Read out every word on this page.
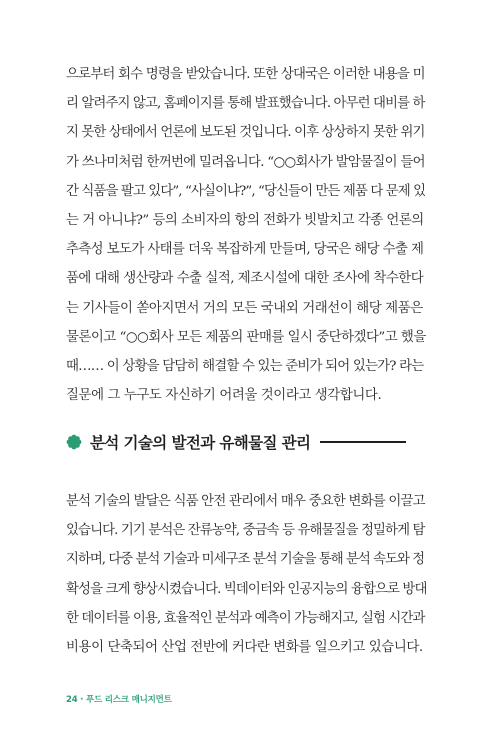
으로부터 회수 명령을 받았습니다. 또한 상대국은 이러한 내용을 미
리 알려주지 않고, 홈페이지를 통해 발표했습니다. 아무런 대비를 하
지 못한 상태에서 언론에 보도된 것입니다. 이후 상상하지 못한 위기
가 쓰나미처럼 한꺼번에 밀려옵니다. “○○회사가 발암물질이 들어
간 식품을 팔고 있다”, “사실이냐?”, “당신들이 만든 제품 다 문제 있
는 거 아니냐?” 등의 소비자의 항의 전화가 빗발치고 각종 언론의
추측성 보도가 사태를 더욱 복잡하게 만들며, 당국은 해당 수출 제
품에 대해 생산량과 수출 실적, 제조시설에 대한 조사에 착수한다
는 기사들이 쏟아지면서 거의 모든 국내외 거래선이 해당 제품은
물론이고 “○○회사 모든 제품의 판매를 일시 중단하겠다”고 했을
때…… 이 상황을 담담히 해결할 수 있는 준비가 되어 있는가? 라는
질문에 그 누구도 자신하기 어려울 것이라고 생각합니다.
분석 기술의 발전과 유해물질 관리
분석 기술의 발달은 식품 안전 관리에서 매우 중요한 변화를 이끌고
있습니다. 기기 분석은 잔류농약, 중금속 등 유해물질을 정밀하게 탐
지하며, 다중 분석 기술과 미세구조 분석 기술을 통해 분석 속도와 정
확성을 크게 향상시켰습니다. 빅데이터와 인공지능의 융합으로 방대
한 데이터를 이용, 효율적인 분석과 예측이 가능해지고, 실험 시간과
비용이 단축되어 산업 전반에 커다란 변화를 일으키고 있습니다.
24 · 푸드 리스크 매니지먼트
